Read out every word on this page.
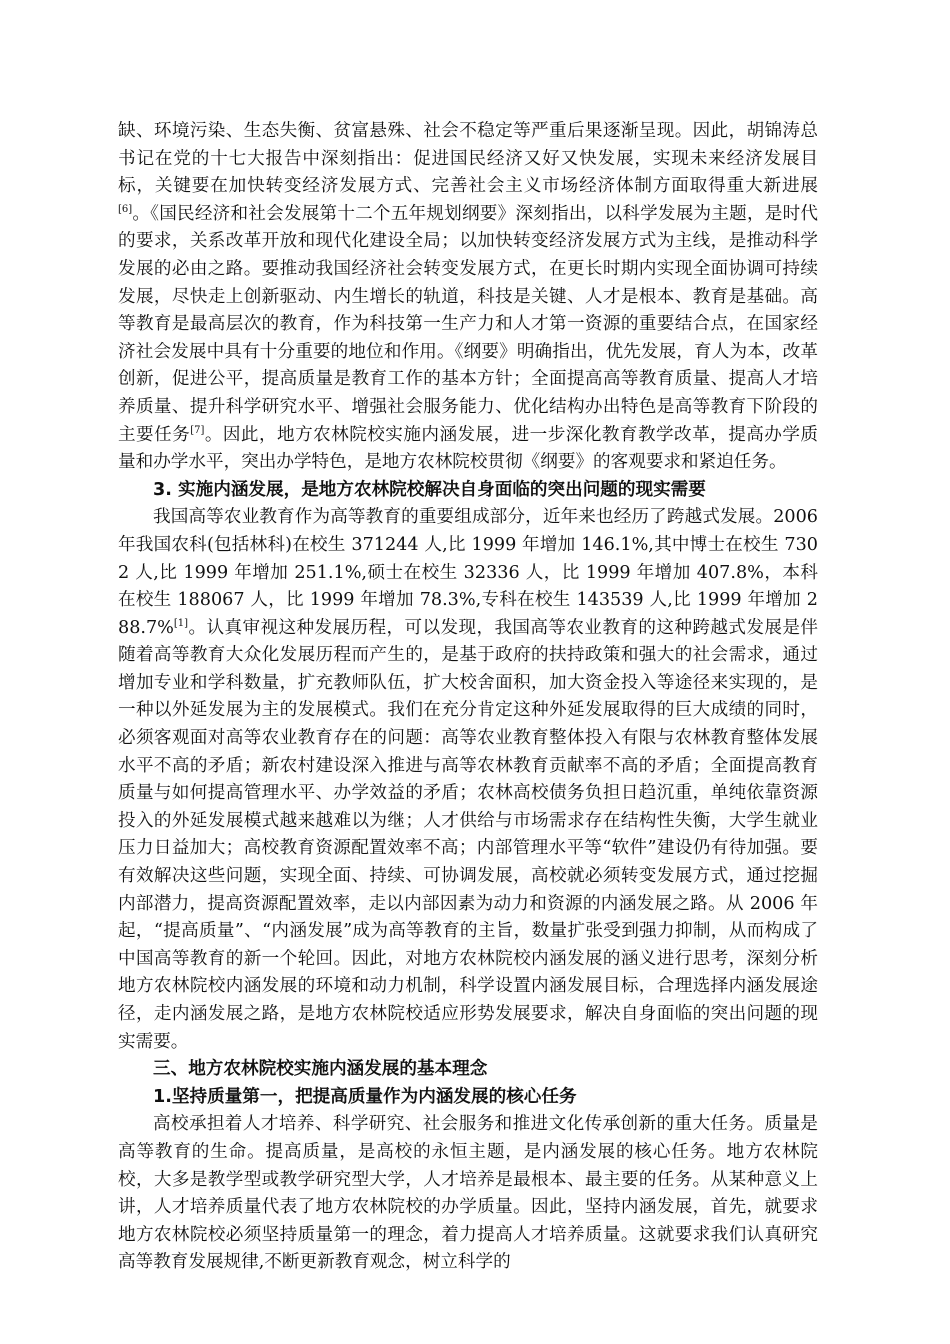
缺、环境污染、生态失衡、贫富悬殊、社会不稳定等严重后果逐渐呈现。因此，胡锦涛总书记在党的十七大报告中深刻指出：促进国民经济又好又快发展，实现未来经济发展目标，关键要在加快转变经济发展方式、完善社会主义市场经济体制方面取得重大新进展[6]。《国民经济和社会发展第十二个五年规划纲要》深刻指出，以科学发展为主题，是时代的要求，关系改革开放和现代化建设全局；以加快转变经济发展方式为主线，是推动科学发展的必由之路。要推动我国经济社会转变发展方式，在更长时期内实现全面协调可持续发展，尽快走上创新驱动、内生增长的轨道，科技是关键、人才是根本、教育是基础。高等教育是最高层次的教育，作为科技第一生产力和人才第一资源的重要结合点，在国家经济社会发展中具有十分重要的地位和作用。《纲要》明确指出，优先发展，育人为本，改革创新，促进公平，提高质量是教育工作的基本方针；全面提高高等教育质量、提高人才培养质量、提升科学研究水平、增强社会服务能力、优化结构办出特色是高等教育下阶段的主要任务[7]。因此，地方农林院校实施内涵发展，进一步深化教育教学改革，提高办学质量和办学水平，突出办学特色，是地方农林院校贯彻《纲要》的客观要求和紧迫任务。

3. 实施内涵发展，是地方农林院校解决自身面临的突出问题的现实需要

我国高等农业教育作为高等教育的重要组成部分，近年来也经历了跨越式发展。2006 年我国农科(包括林科)在校生 371244 人,比 1999 年增加 146.1%,其中博士在校生 7302 人,比 1999 年增加 251.1%,硕士在校生 32336 人，比 1999 年增加 407.8%，本科在校生 188067 人，比 1999 年增加 78.3%,专科在校生 143539 人,比 1999 年增加 288.7%[1]。认真审视这种发展历程，可以发现，我国高等农业教育的这种跨越式发展是伴随着高等教育大众化发展历程而产生的，是基于政府的扶持政策和强大的社会需求，通过增加专业和学科数量，扩充教师队伍，扩大校舍面积，加大资金投入等途径来实现的，是一种以外延发展为主的发展模式。我们在充分肯定这种外延发展取得的巨大成绩的同时，必须客观面对高等农业教育存在的问题：高等农业教育整体投入有限与农林教育整体发展水平不高的矛盾；新农村建设深入推进与高等农林教育贡献率不高的矛盾；全面提高教育质量与如何提高管理水平、办学效益的矛盾；农林高校债务负担日趋沉重，单纯依靠资源投入的外延发展模式越来越难以为继；人才供给与市场需求存在结构性失衡，大学生就业压力日益加大；高校教育资源配置效率不高；内部管理水平等“软件”建设仍有待加强。要有效解决这些问题，实现全面、持续、可协调发展，高校就必须转变发展方式，通过挖掘内部潜力，提高资源配置效率，走以内部因素为动力和资源的内涵发展之路。从 2006 年起，“提高质量”、“内涵发展”成为高等教育的主旨，数量扩张受到强力抑制，从而构成了中国高等教育的新一个轮回。因此，对地方农林院校内涵发展的涵义进行思考，深刻分析地方农林院校内涵发展的环境和动力机制，科学设置内涵发展目标，合理选择内涵发展途径，走内涵发展之路，是地方农林院校适应形势发展要求，解决自身面临的突出问题的现实需要。

三、地方农林院校实施内涵发展的基本理念

1.坚持质量第一，把提高质量作为内涵发展的核心任务

高校承担着人才培养、科学研究、社会服务和推进文化传承创新的重大任务。质量是高等教育的生命。提高质量，是高校的永恒主题，是内涵发展的核心任务。地方农林院校，大多是教学型或教学研究型大学，人才培养是最根本、最主要的任务。从某种意义上讲，人才培养质量代表了地方农林院校的办学质量。因此，坚持内涵发展，首先，就要求地方农林院校必须坚持质量第一的理念，着力提高人才培养质量。这就要求我们认真研究高等教育发展规律,不断更新教育观念，树立科学的
